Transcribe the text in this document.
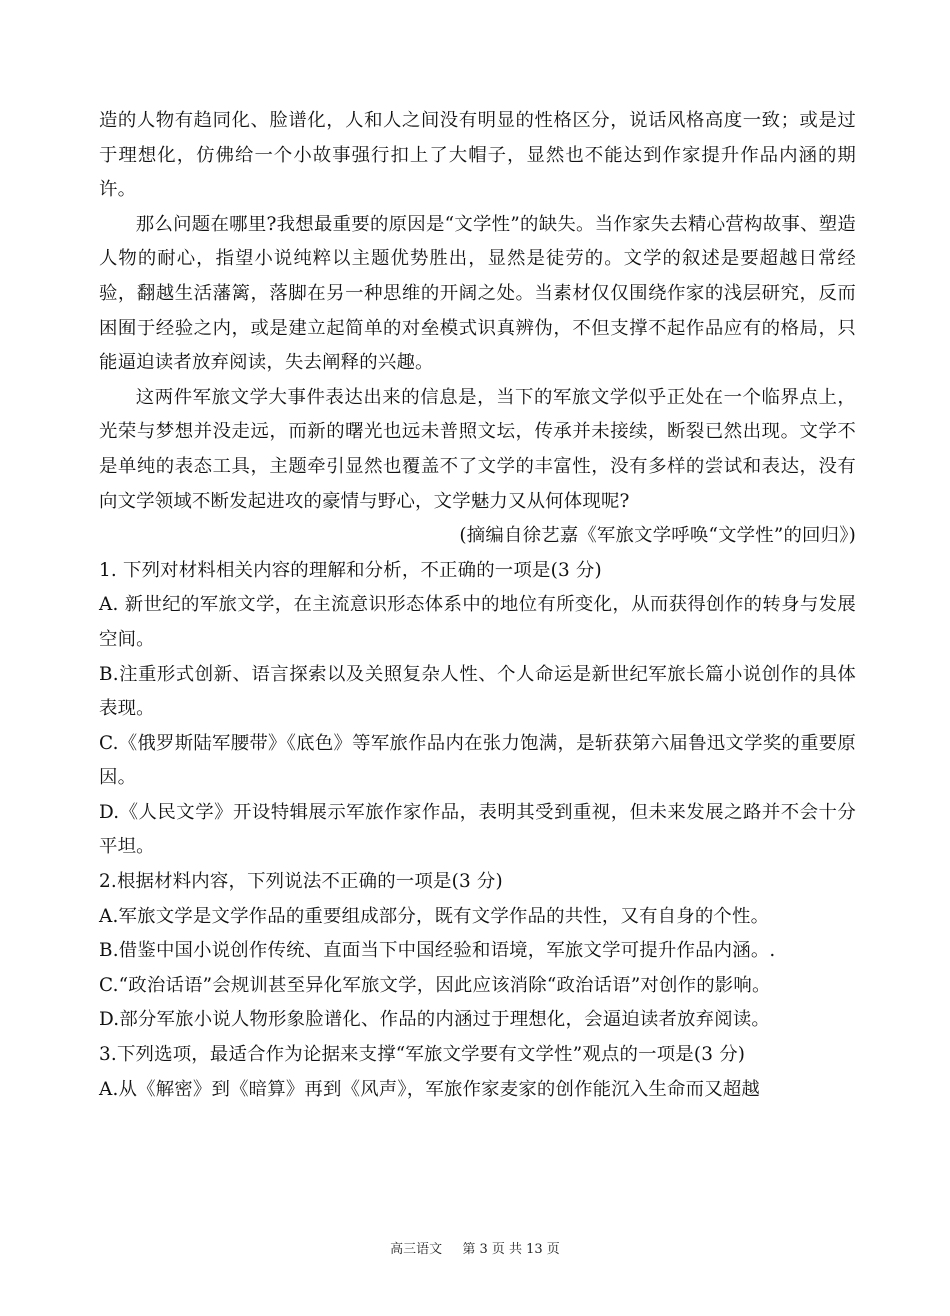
造的人物有趋同化、脸谱化，人和人之间没有明显的性格区分，说话风格高度一致；或是过于理想化，仿佛给一个小故事强行扣上了大帽子，显然也不能达到作家提升作品内涵的期许。

那么问题在哪里?我想最重要的原因是“文学性”的缺失。当作家失去精心营构故事、塑造人物的耐心，指望小说纯粹以主题优势胜出，显然是徒劳的。文学的叙述是要超越日常经验，翻越生活藩篱，落脚在另一种思维的开阔之处。当素材仅仅围绕作家的浅层研究，反而困囿于经验之内，或是建立起简单的对垒模式识真辨伪，不但支撑不起作品应有的格局，只能逼迫读者放弃阅读，失去阐释的兴趣。

这两件军旅文学大事件表达出来的信息是，当下的军旅文学似乎正处在一个临界点上，光荣与梦想并没走远，而新的曙光也远未普照文坛，传承并未接续，断裂已然出现。文学不是单纯的表态工具，主题牵引显然也覆盖不了文学的丰富性，没有多样的尝试和表达，没有向文学领域不断发起进攻的豪情与野心，文学魅力又从何体现呢?

(摘编自徐艺嘉《军旅文学呼唤“文学性”的回归》)

1. 下列对材料相关内容的理解和分析，不正确的一项是(3 分)

A. 新世纪的军旅文学，在主流意识形态体系中的地位有所变化，从而获得创作的转身与发展空间。

B.注重形式创新、语言探索以及关照复杂人性、个人命运是新世纪军旅长篇小说创作的具体表现。

C.《俄罗斯陆军腰带》《底色》等军旅作品内在张力饱满，是斩获第六届鲁迅文学奖的重要原因。

D.《人民文学》开设特辑展示军旅作家作品，表明其受到重视，但未来发展之路并不会十分平坦。

2.根据材料内容，下列说法不正确的一项是(3 分)

A.军旅文学是文学作品的重要组成部分，既有文学作品的共性，又有自身的个性。

B.借鉴中国小说创作传统、直面当下中国经验和语境，军旅文学可提升作品内涵。.

C.“政治话语”会规训甚至异化军旅文学，因此应该消除“政治话语”对创作的影响。

D.部分军旅小说人物形象脸谱化、作品的内涵过于理想化，会逼迫读者放弃阅读。

3.下列选项，最适合作为论据来支撑“军旅文学要有文学性”观点的一项是(3 分)

A.从《解密》到《暗算》再到《风声》，军旅作家麦家的创作能沉入生命而又超越

高三语文 第 3 页 共 13 页
